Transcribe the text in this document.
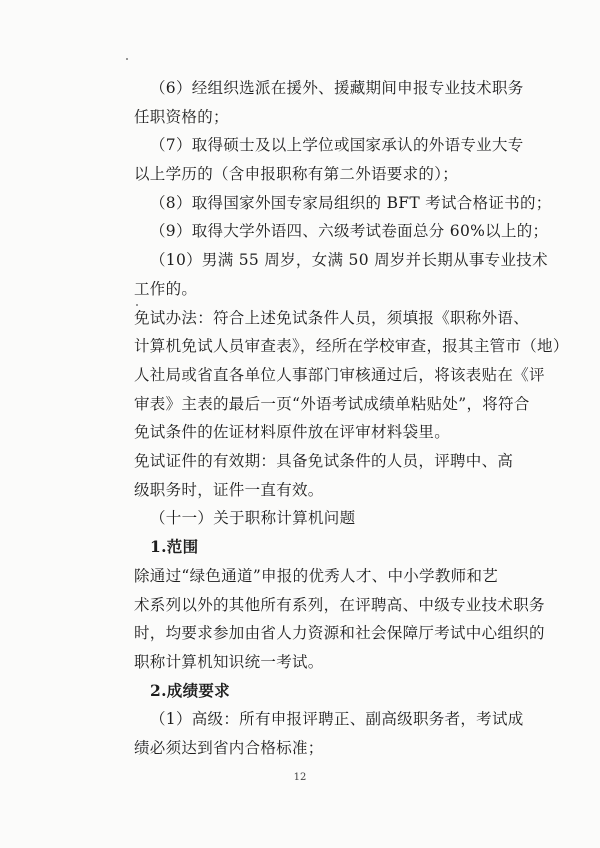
（6）经组织选派在援外、援藏期间申报专业技术职务
任职资格的；
（7）取得硕士及以上学位或国家承认的外语专业大专
以上学历的（含申报职称有第二外语要求的）；
（8）取得国家外国专家局组织的 BFT 考试合格证书的；
（9）取得大学外语四、六级考试卷面总分 60%以上的；
（10）男满 55 周岁，女满 50 周岁并长期从事专业技术
工作的。
免试办法：符合上述免试条件人员，须填报《职称外语、
计算机免试人员审查表》，经所在学校审查，报其主管市（地）
人社局或省直各单位人事部门审核通过后，将该表贴在《评
审表》主表的最后一页“外语考试成绩单粘贴处”，将符合
免试条件的佐证材料原件放在评审材料袋里。
免试证件的有效期：具备免试条件的人员，评聘中、高
级职务时，证件一直有效。
（十一）关于职称计算机问题
1.范围
除通过“绿色通道”申报的优秀人才、中小学教师和艺
术系列以外的其他所有系列，在评聘高、中级专业技术职务
时，均要求参加由省人力资源和社会保障厅考试中心组织的
职称计算机知识统一考试。
2.成绩要求
（1）高级：所有申报评聘正、副高级职务者，考试成
绩必须达到省内合格标准；
12
